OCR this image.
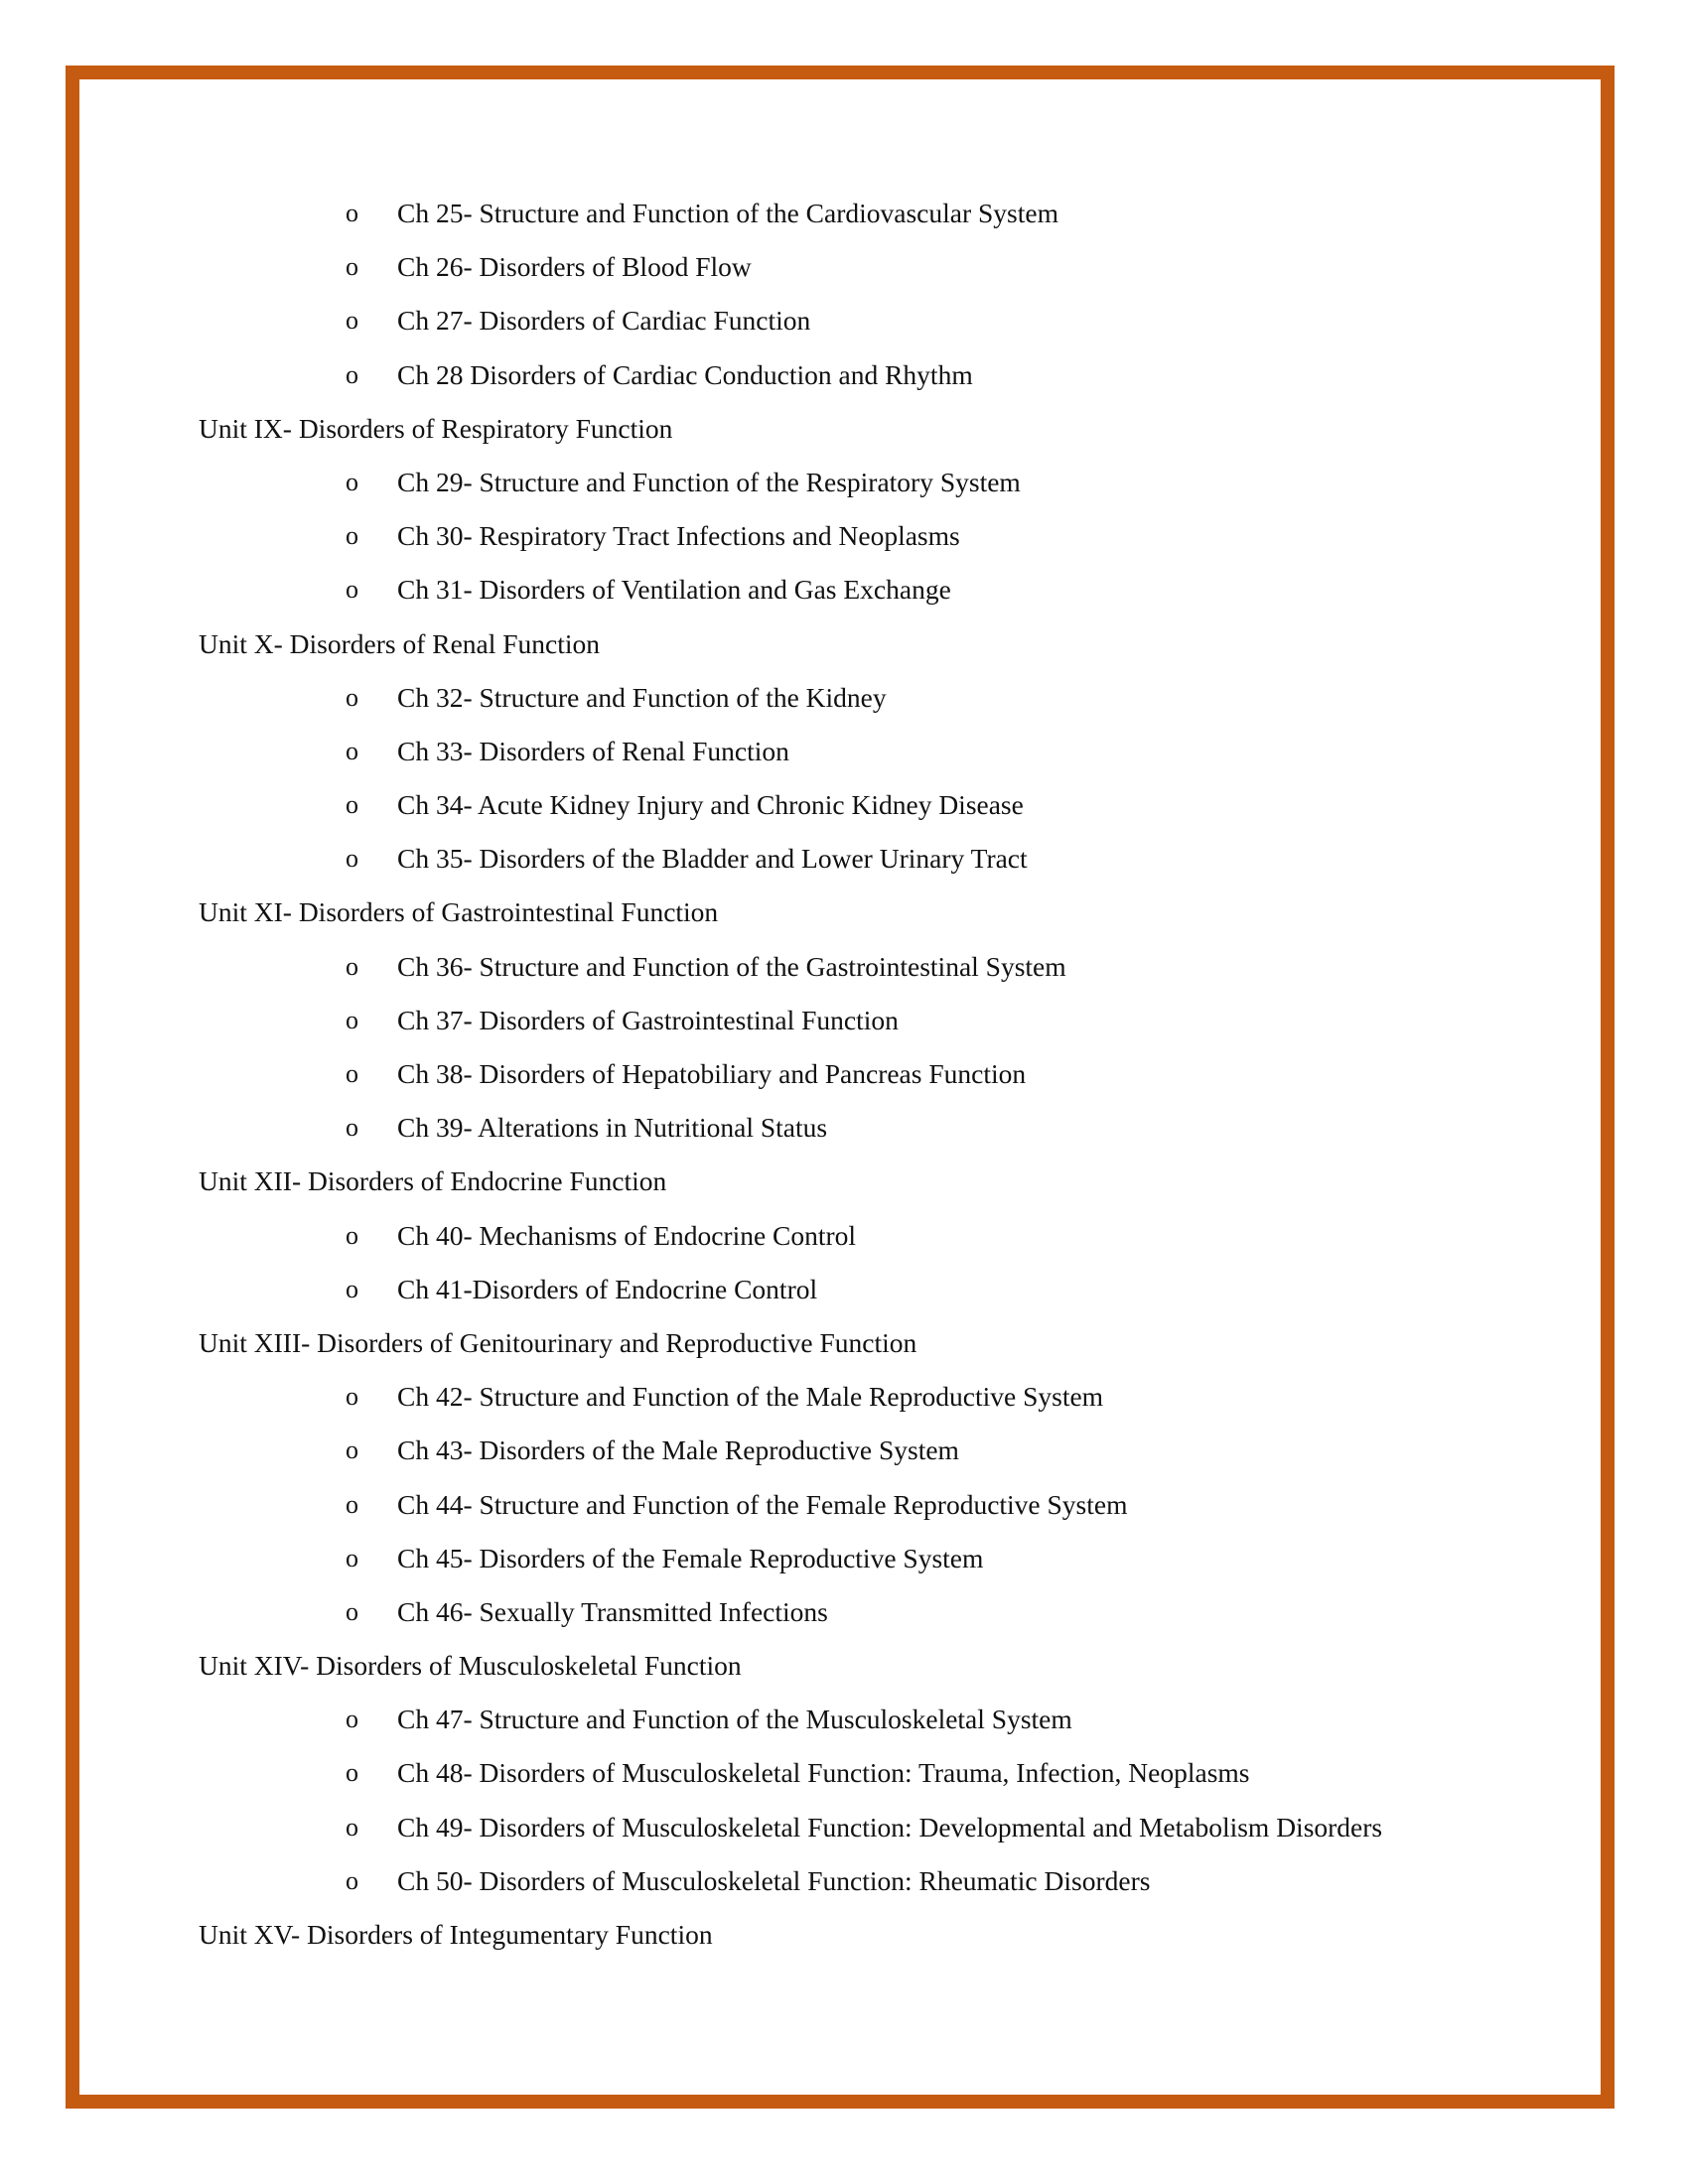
o Ch 25- Structure and Function of the Cardiovascular System
o Ch 26- Disorders of Blood Flow
o Ch 27- Disorders of Cardiac Function
o Ch 28 Disorders of Cardiac Conduction and Rhythm
Unit IX- Disorders of Respiratory Function
o Ch 29- Structure and Function of the Respiratory System
o Ch 30- Respiratory Tract Infections and Neoplasms
o Ch 31- Disorders of Ventilation and Gas Exchange
Unit X- Disorders of Renal Function
o Ch 32- Structure and Function of the Kidney
o Ch 33- Disorders of Renal Function
o Ch 34- Acute Kidney Injury and Chronic Kidney Disease
o Ch 35- Disorders of the Bladder and Lower Urinary Tract
Unit XI- Disorders of Gastrointestinal Function
o Ch 36- Structure and Function of the Gastrointestinal System
o Ch 37- Disorders of Gastrointestinal Function
o Ch 38- Disorders of Hepatobiliary and Pancreas Function
o Ch 39- Alterations in Nutritional Status
Unit XII- Disorders of Endocrine Function
o Ch 40- Mechanisms of Endocrine Control
o Ch 41-Disorders of Endocrine Control
Unit XIII- Disorders of Genitourinary and Reproductive Function
o Ch 42- Structure and Function of the Male Reproductive System
o Ch 43- Disorders of the Male Reproductive System
o Ch 44- Structure and Function of the Female Reproductive System
o Ch 45- Disorders of the Female Reproductive System
o Ch 46- Sexually Transmitted Infections
Unit XIV- Disorders of Musculoskeletal Function
o Ch 47- Structure and Function of the Musculoskeletal System
o Ch 48- Disorders of Musculoskeletal Function: Trauma, Infection, Neoplasms
o Ch 49- Disorders of Musculoskeletal Function: Developmental and Metabolism Disorders
o Ch 50- Disorders of Musculoskeletal Function: Rheumatic Disorders
Unit XV- Disorders of Integumentary Function
